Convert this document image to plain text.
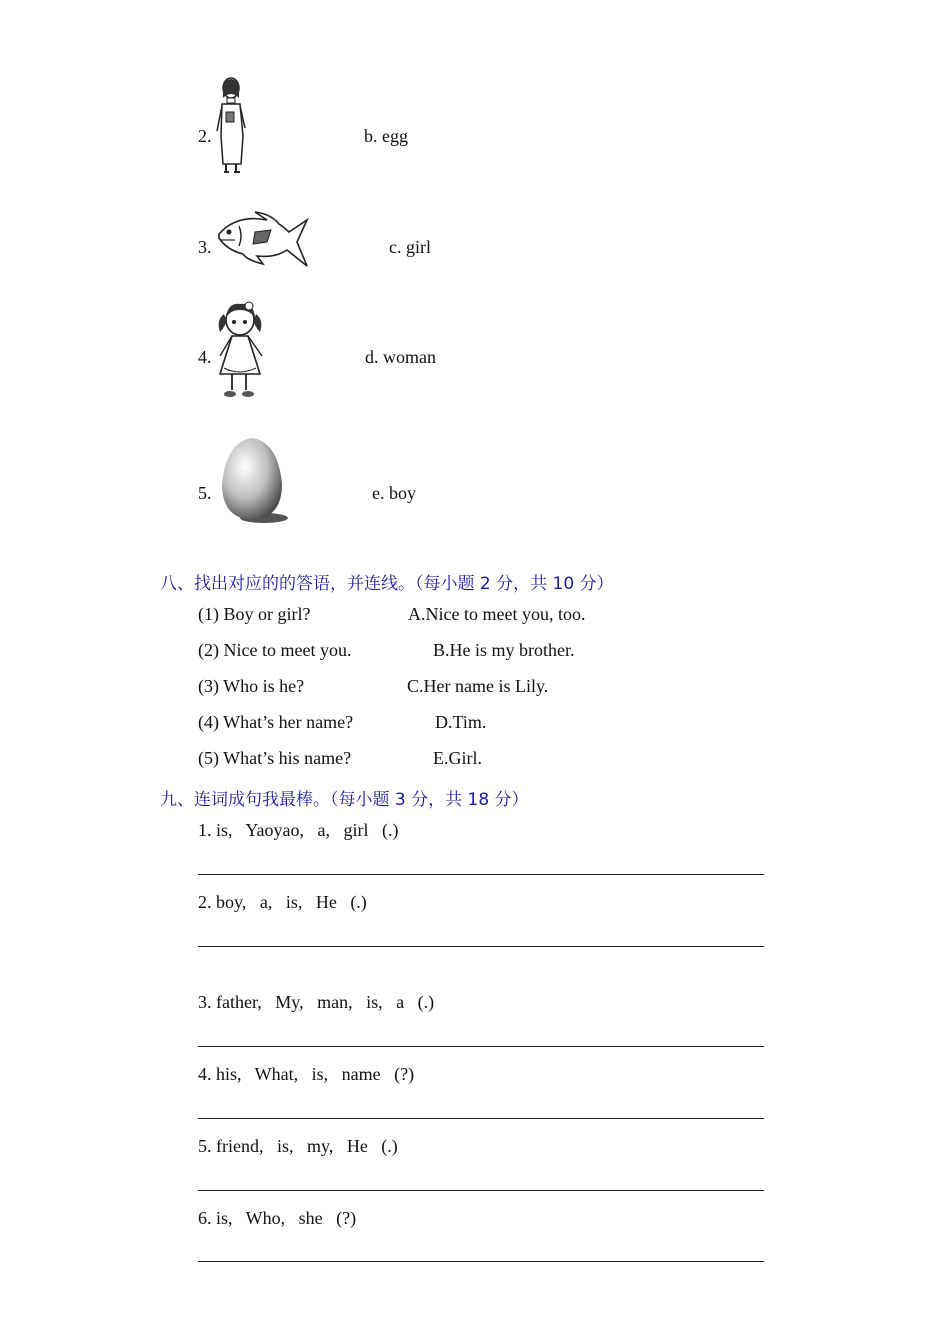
2.	b. egg
3.	c. girl
4.	d. woman
5.	e. boy
八、找出对应的的答语，并连线。（每小题 2 分，共 10 分）
(1) Boy or girl?	A.Nice to meet you, too.
(2) Nice to meet you.	B.He is my brother.
(3) Who is he?	C.Her name is Lily.
(4) What’s her name?	D.Tim.
(5) What’s his name?	E.Girl.
九、连词成句我最棒。（每小题 3 分，共 18 分）
1. is,   Yaoyao,   a,   girl   (.)
2. boy,   a,   is,   He   (.)
3. father,   My,   man,   is,   a   (.)
4. his,   What,   is,   name   (?)
5. friend,   is,   my,   He   (.)
6. is,   Who,   she   (?)
